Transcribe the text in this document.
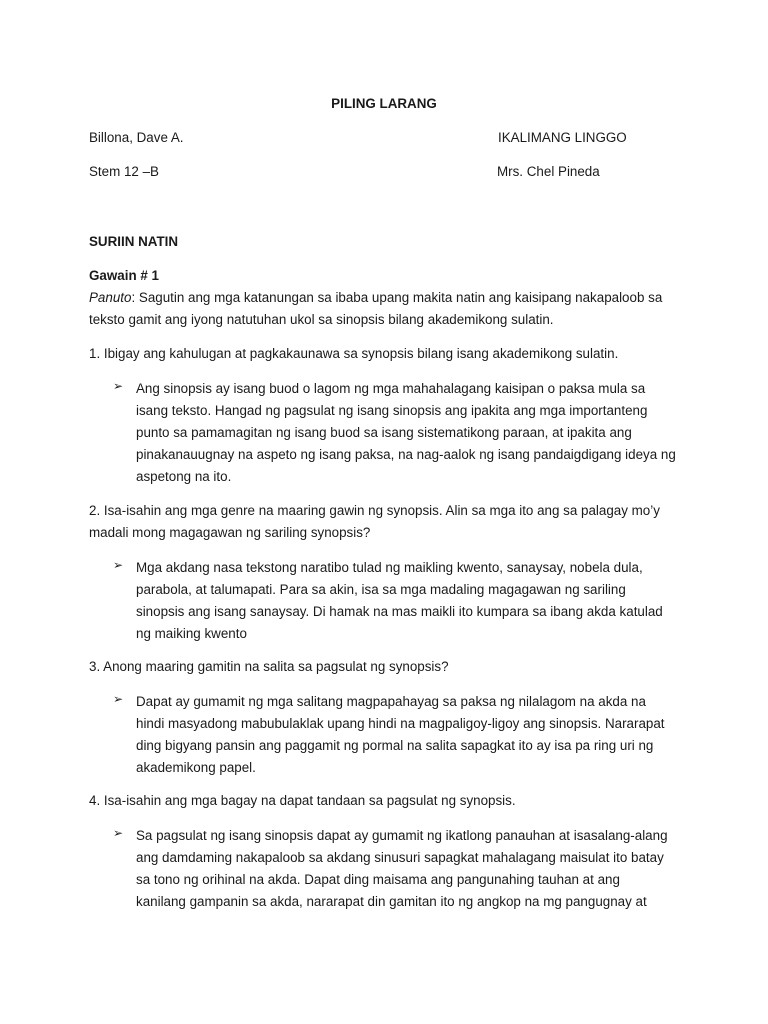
PILING LARANG
Billona, Dave A.	IKALIMANG LINGGO
Stem 12 –B	Mrs. Chel Pineda
SURIIN NATIN
Gawain # 1
Panuto: Sagutin ang mga katanungan sa ibaba upang makita natin ang kaisipang nakapaloob sa
teksto gamit ang iyong natutuhan ukol sa sinopsis bilang akademikong sulatin.
1. Ibigay ang kahulugan at pagkakaunawa sa synopsis bilang isang akademikong sulatin.
➢ Ang sinopsis ay isang buod o lagom ng mga mahahalagang kaisipan o paksa mula sa
isang teksto. Hangad ng pagsulat ng isang sinopsis ang ipakita ang mga importanteng
punto sa pamamagitan ng isang buod sa isang sistematikong paraan, at ipakita ang
pinakanauugnay na aspeto ng isang paksa, na nag-aalok ng isang pandaigdigang ideya ng
aspetong na ito.
2. Isa-isahin ang mga genre na maaring gawin ng synopsis. Alin sa mga ito ang sa palagay mo’y
madali mong magagawan ng sariling synopsis?
➢ Mga akdang nasa tekstong naratibo tulad ng maikling kwento, sanaysay, nobela dula,
parabola, at talumapati. Para sa akin, isa sa mga madaling magagawan ng sariling
sinopsis ang isang sanaysay. Di hamak na mas maikli ito kumpara sa ibang akda katulad
ng maiking kwento
3. Anong maaring gamitin na salita sa pagsulat ng synopsis?
➢ Dapat ay gumamit ng mga salitang magpapahayag sa paksa ng nilalagom na akda na
hindi masyadong mabubulaklak upang hindi na magpaligoy-ligoy ang sinopsis. Nararapat
ding bigyang pansin ang paggamit ng pormal na salita sapagkat ito ay isa pa ring uri ng
akademikong papel.
4. Isa-isahin ang mga bagay na dapat tandaan sa pagsulat ng synopsis.
➢ Sa pagsulat ng isang sinopsis dapat ay gumamit ng ikatlong panauhan at isasalang-alang
ang damdaming nakapaloob sa akdang sinusuri sapagkat mahalagang maisulat ito batay
sa tono ng orihinal na akda. Dapat ding maisama ang pangunahing tauhan at ang
kanilang gampanin sa akda, nararapat din gamitan ito ng angkop na mg pangugnay at
